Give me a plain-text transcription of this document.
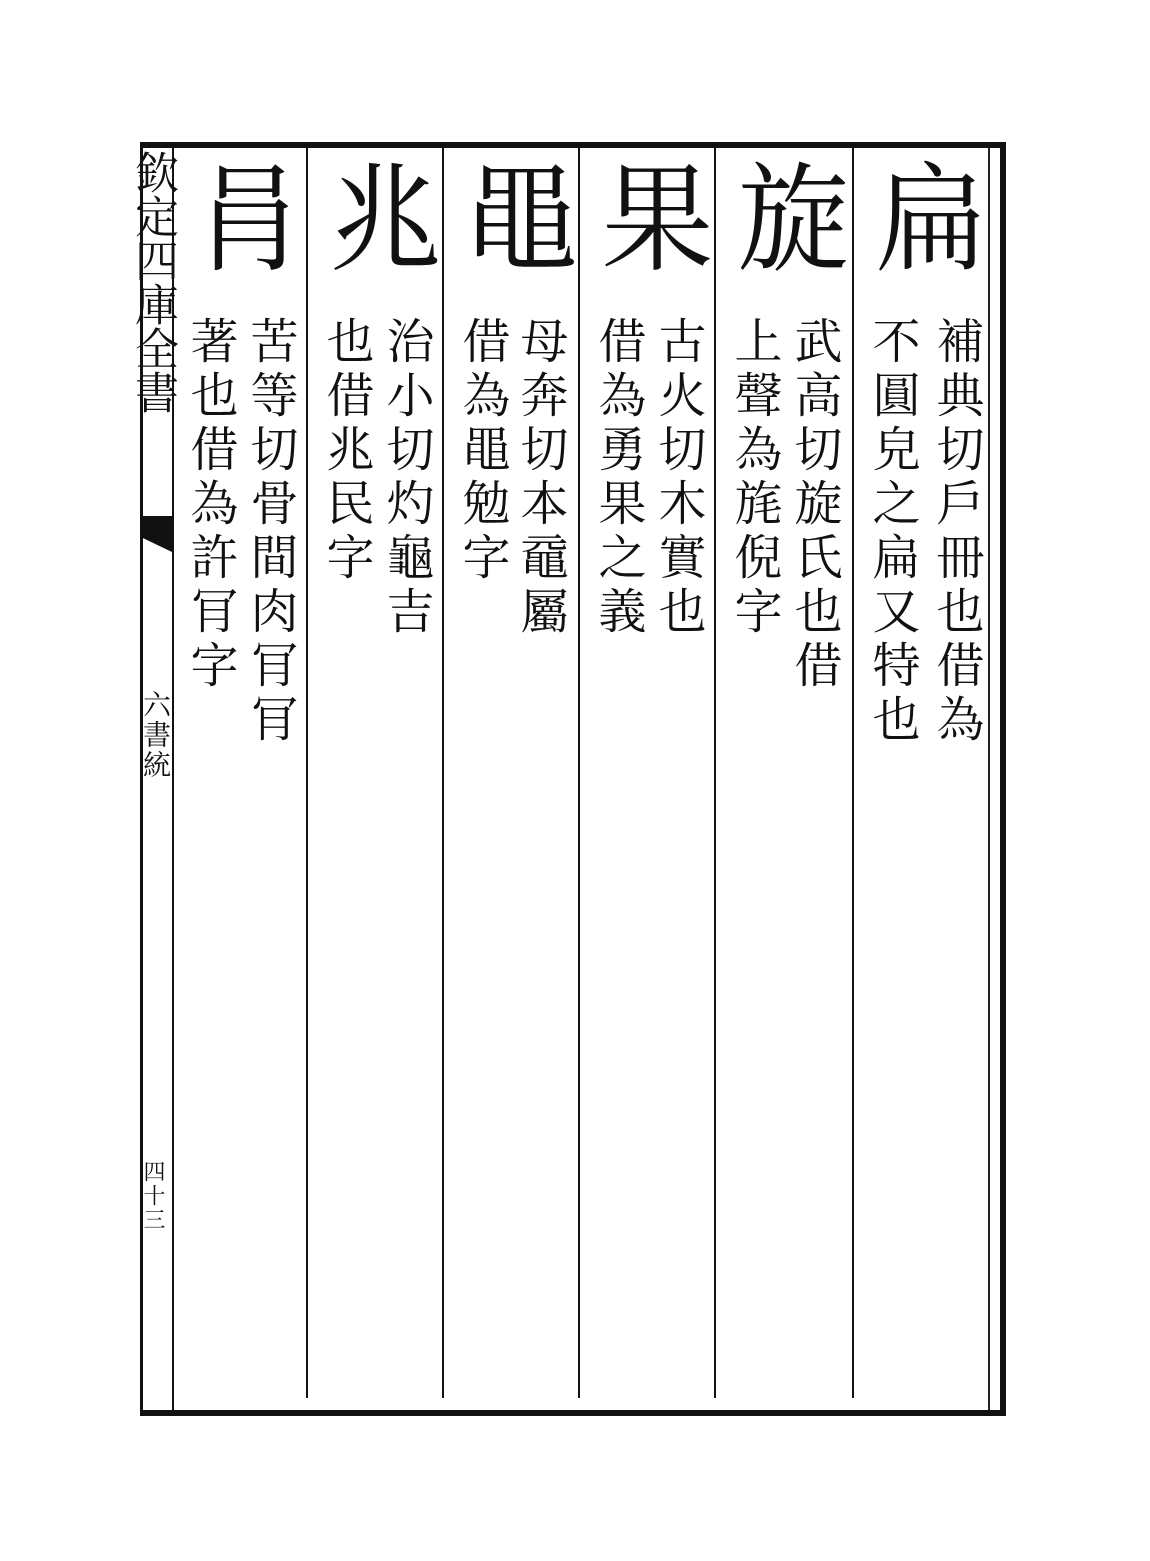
欽定四庫全書
六書統
四十三
扁
補典切戶冊也借為
不圓皃之扁又特也
旋
武高切旋氏也借
上聲為旄倪字
果
古火切木實也
借為勇果之義
黽
母奔切本黿屬
借為黽勉字
兆
治小切灼龜吉
也借兆民字
肙
苦等切骨間肉肎肎
著也借為許肎字
